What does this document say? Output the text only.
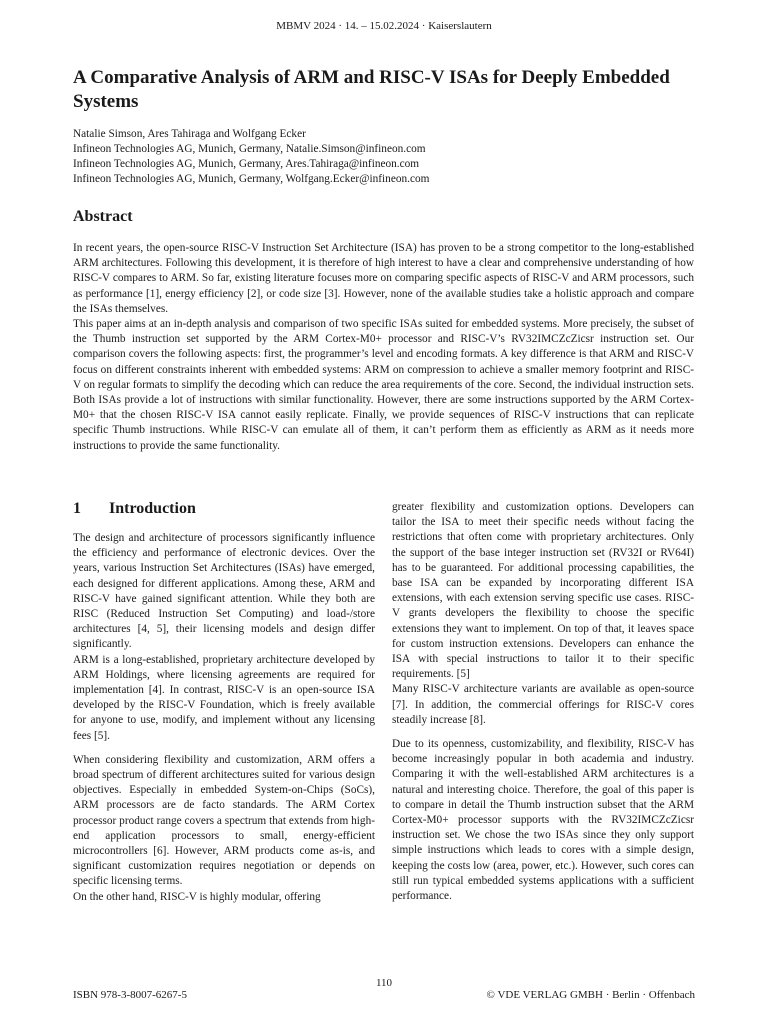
MBMV 2024 · 14. – 15.02.2024 · Kaiserslautern
A Comparative Analysis of ARM and RISC-V ISAs for Deeply Embedded Systems
Natalie Simson, Ares Tahiraga and Wolfgang Ecker
Infineon Technologies AG, Munich, Germany, Natalie.Simson@infineon.com
Infineon Technologies AG, Munich, Germany, Ares.Tahiraga@infineon.com
Infineon Technologies AG, Munich, Germany, Wolfgang.Ecker@infineon.com
Abstract

In recent years, the open-source RISC-V Instruction Set Architecture (ISA) has proven to be a strong competitor to the long-established ARM architectures. Following this development, it is therefore of high interest to have a clear and comprehensive understanding of how RISC-V compares to ARM. So far, existing literature focuses more on comparing specific aspects of RISC-V and ARM processors, such as performance [1], energy efficiency [2], or code size [3]. However, none of the available studies take a holistic approach and compare the ISAs themselves.

This paper aims at an in-depth analysis and comparison of two specific ISAs suited for embedded systems. More precisely, the subset of the Thumb instruction set supported by the ARM Cortex-M0+ processor and RISC-V’s RV32IMCZcZicsr instruction set. Our comparison covers the following aspects: first, the programmer’s level and encoding formats. A key difference is that ARM and RISC-V focus on different constraints inherent with embedded systems: ARM on compression to achieve a smaller memory footprint and RISC-V on regular formats to simplify the decoding which can reduce the area requirements of the core. Second, the individual instruction sets. Both ISAs provide a lot of instructions with similar functionality. However, there are some instructions supported by the ARM Cortex-M0+ that the chosen RISC-V ISA cannot easily replicate. Finally, we provide sequences of RISC-V instructions that can replicate specific Thumb instructions. While RISC-V can emulate all of them, it can’t perform them as efficiently as ARM as it needs more instructions to provide the same functionality.

1 Introduction

The design and architecture of processors significantly influence the efficiency and performance of electronic devices. Over the years, various Instruction Set Architectures (ISAs) have emerged, each designed for different applications. Among these, ARM and RISC-V have gained significant attention. While they both are RISC (Reduced Instruction Set Computing) and load-/store architectures [4, 5], their licensing models and design differ significantly.

ARM is a long-established, proprietary architecture developed by ARM Holdings, where licensing agreements are required for implementation [4]. In contrast, RISC-V is an open-source ISA developed by the RISC-V Foundation, which is freely available for anyone to use, modify, and implement without any licensing fees [5].

When considering flexibility and customization, ARM offers a broad spectrum of different architectures suited for various design objectives. Especially in embedded System-on-Chips (SoCs), ARM processors are de facto standards. The ARM Cortex processor product range covers a spectrum that extends from high-end application processors to small, energy-efficient microcontrollers [6]. However, ARM products come as-is, and significant customization requires negotiation or depends on specific licensing terms.

On the other hand, RISC-V is highly modular, offering

greater flexibility and customization options. Developers can tailor the ISA to meet their specific needs without facing the restrictions that often come with proprietary architectures. Only the support of the base integer instruction set (RV32I or RV64I) has to be guaranteed. For additional processing capabilities, the base ISA can be expanded by incorporating different ISA extensions, with each extension serving specific use cases. RISC-V grants developers the flexibility to choose the specific extensions they want to implement. On top of that, it leaves space for custom instruction extensions. Developers can enhance the ISA with special instructions to tailor it to their specific requirements. [5]

Many RISC-V architecture variants are available as open-source [7]. In addition, the commercial offerings for RISC-V cores steadily increase [8].

Due to its openness, customizability, and flexibility, RISC-V has become increasingly popular in both academia and industry. Comparing it with the well-established ARM architectures is a natural and interesting choice. Therefore, the goal of this paper is to compare in detail the Thumb instruction subset that the ARM Cortex-M0+ processor supports with the RV32IMCZcZicsr instruction set. We chose the two ISAs since they only support simple instructions which leads to cores with a simple design, keeping the costs low (area, power, etc.). However, such cores can still run typical embedded systems applications with a sufficient performance.

110
ISBN 978-3-8007-6267-5	© VDE VERLAG GMBH · Berlin · Offenbach
